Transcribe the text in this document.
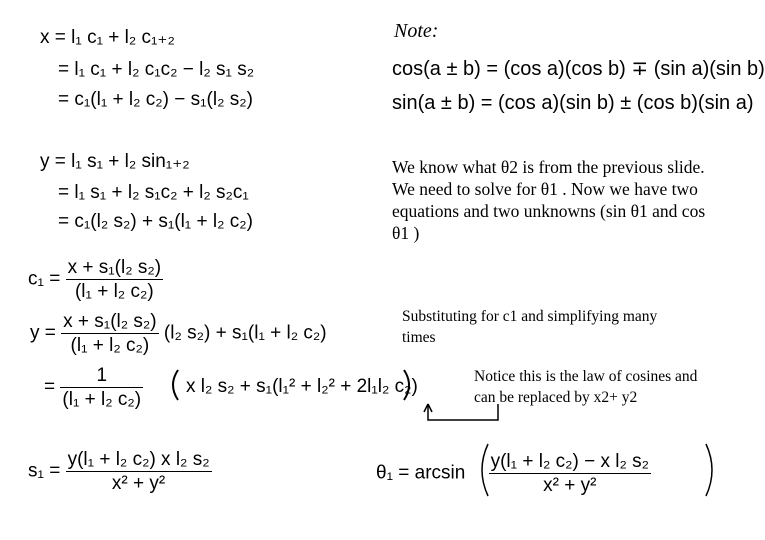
x = l₁ c₁ + l₂ c₁₊₂
= l₁ c₁ + l₂ c₁c₂ − l₂ s₁ s₂
= c₁(l₁ + l₂ c₂) − s₁(l₂ s₂)
y = l₁ s₁ + l₂ sin₁₊₂
= l₁ s₁ + l₂ s₁c₂ + l₂ s₂c₁
= c₁(l₂ s₂) + s₁(l₁ + l₂ c₂)
$c_1 = \frac{\text{x + s₁(l₂ s₂)}}{\text{(l₁ + l₂ c₂)}}$
$y = \frac{\text{x + s₁(l₂ s₂)}}{\text{(l₁ + l₂ c₂)}} (l_2$ s₂) + s₁(l₁ + l₂ c₂)
= $\frac{1}{\text{(l₁ + l₂ c₂)}}$ x l₂ s₂ + s₁(l₁² + l₂² + 2l₁l₂ c₂)
$s_1 = \frac{\text{y(l₁ + l₂ c₂) x l₂ s₂}}{\text{x² + y²}}$	$\theta_1 = \arcsin \frac{\text{y(l₁ + l₂ c₂) − x l₂ s₂}}{\text{x² + y²}}$
Note:
cos(a ± b) = (cos a)(cos b) ∓ (sin a)(sin b)
sin(a ± b) = (cos a)(sin b) ± (cos b)(sin a)
We know what θ2 is from the previous slide. We need to solve for θ1 . Now we have two equations and two unknowns (sin θ1 and cos θ1 )
Substituting for c1 and simplifying many times
Notice this is the law of cosines and can be replaced by x2+ y2
